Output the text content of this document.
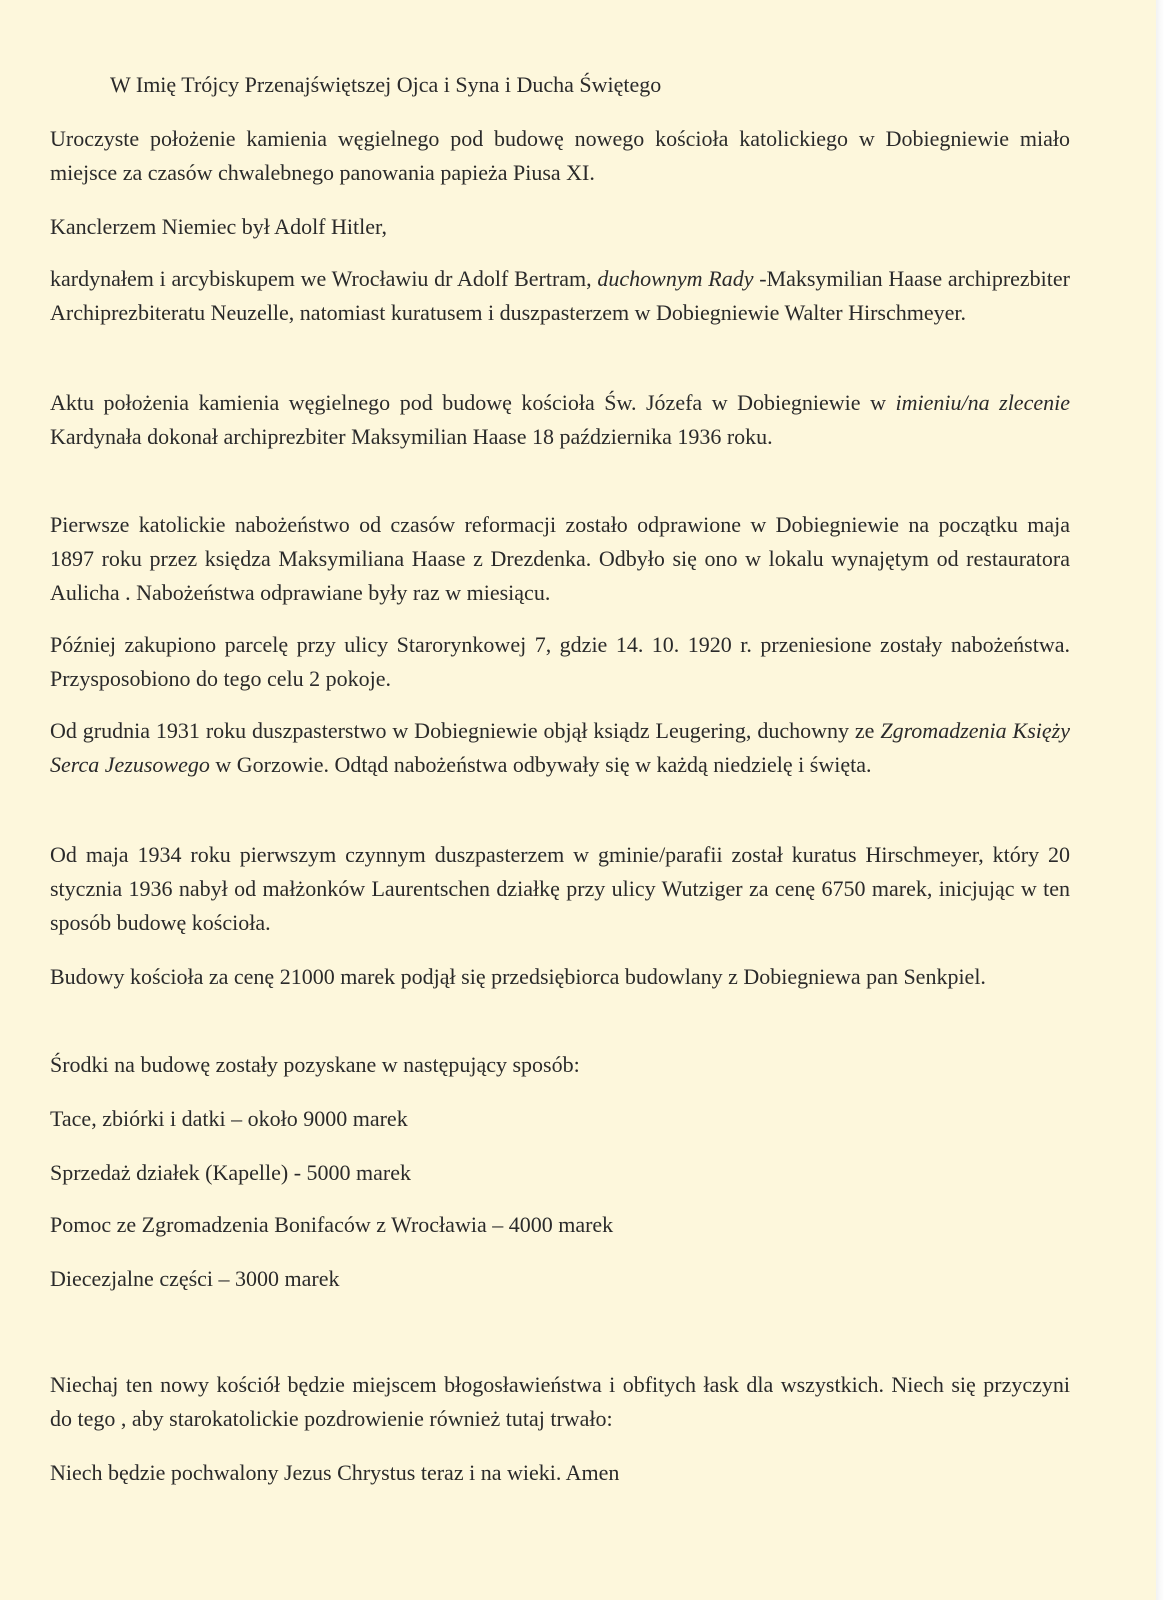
W Imię Trójcy Przenajświętszej Ojca i Syna i Ducha Świętego

Uroczyste położenie kamienia węgielnego pod budowę nowego kościoła katolickiego w Dobiegniewie miało miejsce za czasów chwalebnego panowania papieża Piusa XI.

Kanclerzem Niemiec był Adolf Hitler,

kardynałem i arcybiskupem we Wrocławiu dr Adolf Bertram, duchownym Rady -Maksymilian Haase archiprezbiter Archiprezbiteratu Neuzelle, natomiast kuratusem i duszpasterzem w Dobiegniewie Walter Hirschmeyer.

Aktu położenia kamienia węgielnego pod budowę kościoła Św. Józefa w Dobiegniewie w imieniu/na zlecenie Kardynała dokonał archiprezbiter Maksymilian Haase 18 października 1936 roku.

Pierwsze katolickie nabożeństwo od czasów reformacji zostało odprawione w Dobiegniewie na początku maja 1897 roku przez księdza Maksymiliana Haase z Drezdenka. Odbyło się ono w lokalu wynajętym od restauratora Aulicha . Nabożeństwa odprawiane były raz w miesiącu.

Później zakupiono parcelę przy ulicy Starorynkowej 7, gdzie 14. 10. 1920 r. przeniesione zostały nabożeństwa. Przysposobiono do tego celu 2 pokoje.

Od grudnia 1931 roku duszpasterstwo w Dobiegniewie objął ksiądz Leugering, duchowny ze Zgromadzenia Księży Serca Jezusowego w Gorzowie. Odtąd nabożeństwa odbywały się w każdą niedzielę i święta.

Od maja 1934 roku pierwszym czynnym duszpasterzem w gminie/parafii został kuratus Hirschmeyer, który 20 stycznia 1936 nabył od małżonków Laurentschen działkę przy ulicy Wutziger za cenę 6750 marek, inicjując w ten sposób budowę kościoła.

Budowy kościoła za cenę 21000 marek podjął się przedsiębiorca budowlany z Dobiegniewa pan Senkpiel.

Środki na budowę zostały pozyskane w następujący sposób:

Tace, zbiórki i datki – około 9000 marek

Sprzedaż działek (Kapelle) - 5000 marek

Pomoc ze Zgromadzenia Bonifaców z Wrocławia – 4000 marek

Diecezjalne części – 3000 marek

Niechaj ten nowy kościół będzie miejscem błogosławieństwa i obfitych łask dla wszystkich. Niech się przyczyni do tego , aby starokatolickie pozdrowienie również tutaj trwało:

Niech będzie pochwalony Jezus Chrystus teraz i na wieki. Amen
